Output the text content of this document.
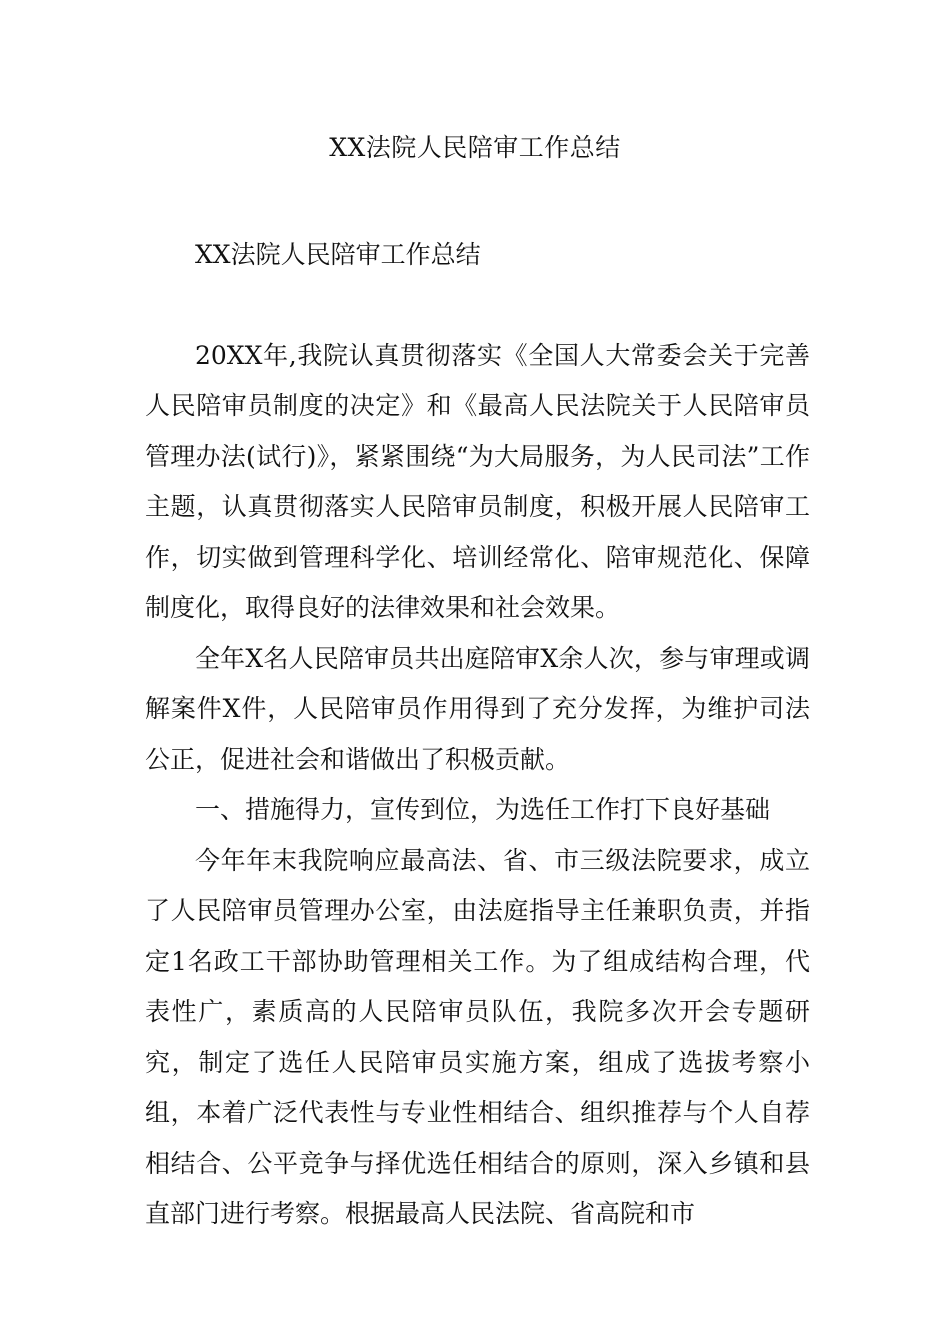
XX法院人民陪审工作总结

XX法院人民陪审工作总结

20XX年,我院认真贯彻落实《全国人大常委会关于完善人民陪审员制度的决定》和《最高人民法院关于人民陪审员管理办法(试行)》，紧紧围绕“为大局服务，为人民司法”工作主题，认真贯彻落实人民陪审员制度，积极开展人民陪审工作，切实做到管理科学化、培训经常化、陪审规范化、保障制度化，取得良好的法律效果和社会效果。

全年X名人民陪审员共出庭陪审X余人次，参与审理或调解案件X件，人民陪审员作用得到了充分发挥，为维护司法公正，促进社会和谐做出了积极贡献。

一、措施得力，宣传到位，为选任工作打下良好基础

今年年末我院响应最高法、省、市三级法院要求，成立了人民陪审员管理办公室，由法庭指导主任兼职负责，并指定1名政工干部协助管理相关工作。为了组成结构合理，代表性广，素质高的人民陪审员队伍，我院多次开会专题研究，制定了选任人民陪审员实施方案，组成了选拔考察小组，本着广泛代表性与专业性相结合、组织推荐与个人自荐相结合、公平竞争与择优选任相结合的原则，深入乡镇和县直部门进行考察。根据最高人民法院、省高院和市
